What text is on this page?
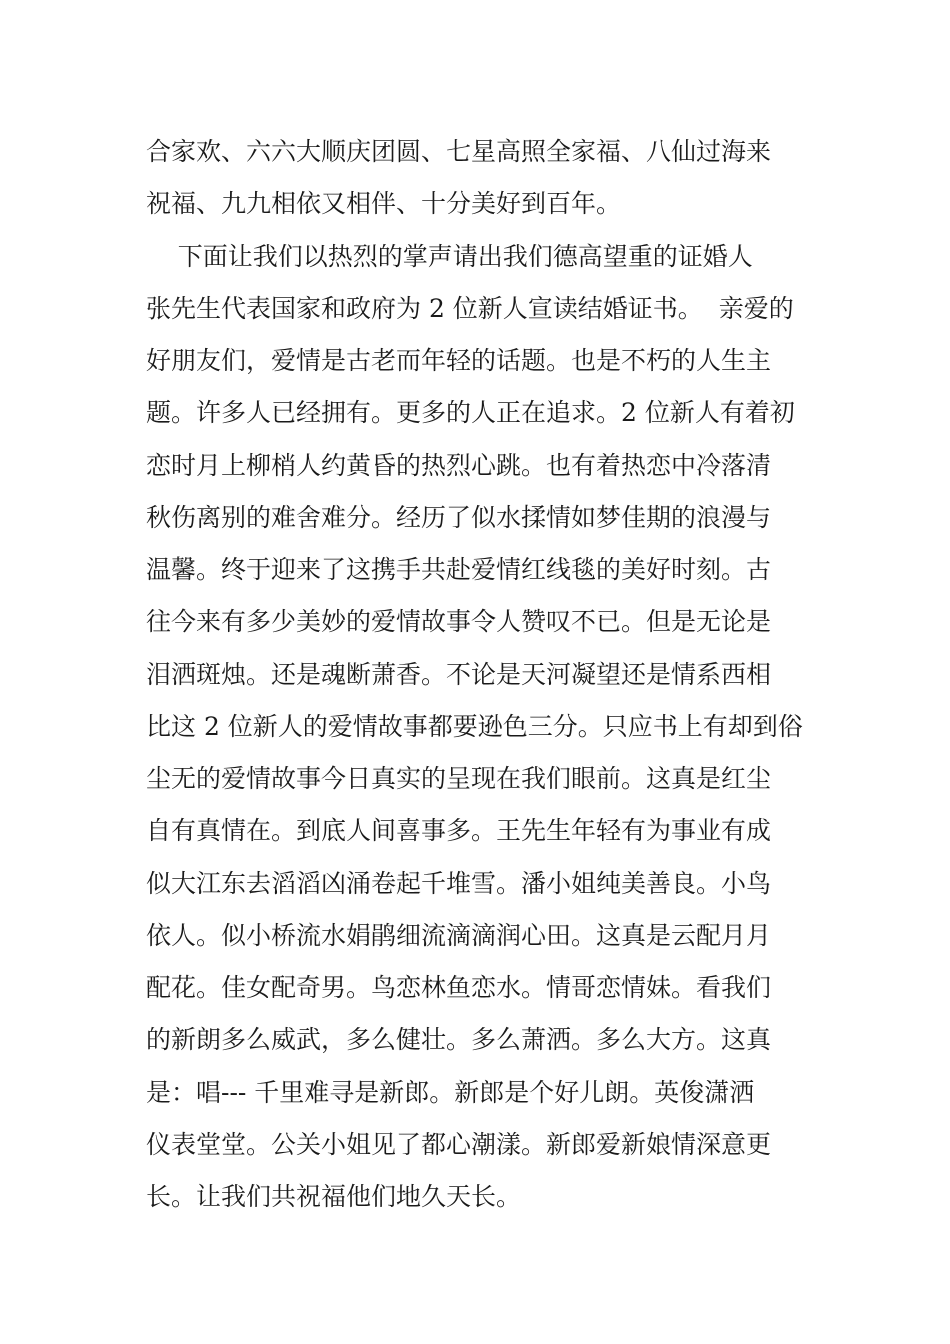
合家欢、六六大顺庆团圆、七星高照全家福、八仙过海来
祝福、九九相依又相伴、十分美好到百年。
下面让我们以热烈的掌声请出我们德高望重的证婚人
张先生代表国家和政府为 2 位新人宣读结婚证书。  亲爱的
好朋友们，爱情是古老而年轻的话题。也是不朽的人生主
题。许多人已经拥有。更多的人正在追求。2 位新人有着初
恋时月上柳梢人约黄昏的热烈心跳。也有着热恋中冷落清
秋伤离别的难舍难分。经历了似水揉情如梦佳期的浪漫与
温馨。终于迎来了这携手共赴爱情红线毯的美好时刻。古
往今来有多少美妙的爱情故事令人赞叹不已。但是无论是
泪洒斑烛。还是魂断萧香。不论是天河凝望还是情系西相
比这 2 位新人的爱情故事都要逊色三分。只应书上有却到俗
尘无的爱情故事今日真实的呈现在我们眼前。这真是红尘
自有真情在。到底人间喜事多。王先生年轻有为事业有成
似大江东去滔滔凶涌卷起千堆雪。潘小姐纯美善良。小鸟
依人。似小桥流水娟鹃细流滴滴润心田。这真是云配月月
配花。佳女配奇男。鸟恋林鱼恋水。情哥恋情妹。看我们
的新朗多么威武，多么健壮。多么萧洒。多么大方。这真
是：唱--- 千里难寻是新郎。新郎是个好儿朗。英俊潇洒
仪表堂堂。公关小姐见了都心潮漾。新郎爱新娘情深意更
长。让我们共祝福他们地久天长。
